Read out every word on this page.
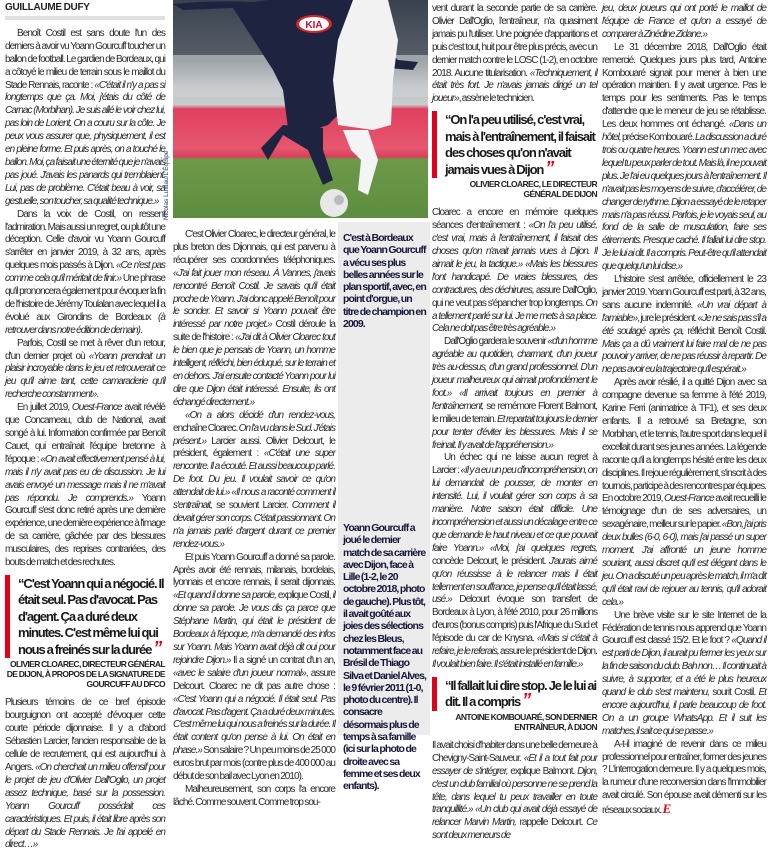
GUILLAUME DUFY

Benoît Costil est sans doute l'un des derniers à avoir vu Yoann Gourcuff toucher un ballon de football. Le gardien de Bordeaux, qui a côtoyé le milieu de terrain sous le maillot du Stade Rennais, raconte : «C'était il n'y a pas si longtemps que ça. Moi, j'étais du côté de Carnac (Morbihan). Je suis allé le voir chez lui, pas loin de Lorient. On a couru sur la côte. Je peux vous assurer que, physiquement, il est en pleine forme. Et puis après, on a touché le ballon. Moi, ça faisait une éternité que je n'avais pas joué. J'avais les panards qui tremblaient. Lui, pas de problème. C'était beau à voir, sa gestuelle, son toucher, sa qualité technique.»

Dans la voix de Costil, on ressent l'admiration. Mais aussi un regret, ou plutôt une déception. Celle d'avoir vu Yoann Gourcuff s'arrêter en janvier 2019, à 32 ans, après quelques mois passés à Dijon. «Ce n'est pas comme cela qu'il méritait de finir.» Une phrase qu'il prononcera également pour évoquer la fin de l'histoire de Jérémy Toulalan avec lequel il a évolué aux Girondins de Bordeaux (à retrouver dans notre édition de demain).

Parfois, Costil se met à rêver d'un retour, d'un dernier projet où «Yoann prendrait un plaisir incroyable dans le jeu et retrouverait ce jeu qu'il aime tant, cette camaraderie qu'il recherche constamment».

En juillet 2019, Ouest-France avait révélé que Concarneau, club de National, avait songé à lui. Information confirmée par Benoît Cauet, qui entraînait l'équipe bretonne à l'époque : «On avait effectivement pensé à lui, mais il n'y avait pas eu de discussion. Je lui avais envoyé un message mais il ne m'avait pas répondu. Je comprends.» Yoann Gourcuff s'est donc retiré après une dernière expérience, une dernière expérience à l'image de sa carrière, gâchée par des blessures musculaires, des reprises contrariées, des bouts de match et des rechutes.

“C'est Yoann qui a négocié. Il était seul. Pas d'avocat. Pas d'agent. Ça a duré deux minutes. C'est même lui qui nous a freinés sur la durée ”
OLIVIER CLOAREC, DIRECTEUR GÉNÉRAL DE DIJON, À PROPOS DE LA SIGNATURE DE GOURCUFF AU DFCO

Plusieurs témoins de ce bref épisode bourguignon ont accepté d'évoquer cette courte période dijonnaise. Il y a d'abord Sébastien Larcier, l'ancien responsable de la cellule de recrutement, qui est aujourd'hui à Angers. «On cherchait un milieu offensif pour le projet de jeu d'Olivier Dall'Oglio, un projet assez technique, basé sur la possession. Yoann Gourcuff possédait ces caractéristiques. Et puis, il était libre après son départ du Stade Rennais. Je l'ai appelé en direct…»

KIA
Nicolas Luttiau/L'Équipe

C'est Olivier Cloarec, le directeur général, le plus breton des Dijonnais, qui est parvenu à récupérer ses coordonnées téléphoniques. «J'ai fait jouer mon réseau. À Vannes, j'avais rencontré Benoît Costil. Je savais qu'il était proche de Yoann. J'ai donc appelé Benoît pour le sonder. Et savoir si Yoann pouvait être intéressé par notre projet.» Costil déroule la suite de l'histoire : «J'ai dit à Olivier Cloarec tout le bien que je pensais de Yoann, un homme intelligent, réfléchi, bien éduqué, sur le terrain et en dehors. J'ai ensuite contacté Yoann pour lui dire que Dijon était intéressé. Ensuite, ils ont échangé directement.»

«On a alors décidé d'un rendez-vous, enchaîne Cloarec. On l'a vu dans le Sud. J'étais présent.» Larcier aussi. Olivier Delcourt, le président, également : «C'était une super rencontre. Il a écouté. Et aussi beaucoup parlé. De foot. Du jeu. Il voulait savoir ce qu'on attendait de lui.» «Il nous a raconté comment il s'entraînait, se souvient Larcier. Comment il devait gérer son corps. C'était passionnant. On n'a jamais parlé d'argent durant ce premier rendez-vous.»

Et puis Yoann Gourcuff a donné sa parole. Après avoir été rennais, milanais, bordelais, lyonnais et encore rennais, il serait dijonnais. «Et quand il donne sa parole, explique Costil, il donne sa parole. Je vous dis ça parce que Stéphane Martin, qui était le président de Bordeaux à l'époque, m'a demandé des infos sur Yoann. Mais Yoann avait déjà dit oui pour rejoindre Dijon.» Il a signé un contrat d'un an, «avec le salaire d'un joueur normal», assure Delcourt. Cloarec ne dit pas autre chose : «C'est Yoann qui a négocié. Il était seul. Pas d'avocat. Pas d'agent. Ça a duré deux minutes. C'est même lui qui nous a freinés sur la durée. Il était content qu'on pense à lui. On était en phase.» Son salaire ? Un peu moins de 25 000 euros brut par mois (contre plus de 400 000 au début de son bail avec Lyon en 2010).

Malheureusement, son corps l'a encore lâché. Comme souvent. Comme trop sou-

C'est à Bordeaux que Yoann Gourcuff a vécu ses plus belles années sur le plan sportif, avec, en point d'orgue, un titre de champion en 2009.
Yoann Gourcuff a joué le dernier match de sa carrière avec Dijon, face à Lille (1-2, le 20 octobre 2018, photo de gauche). Plus tôt, il avait goûté aux joies des sélections chez les Bleus, notamment face au Brésil de Thiago Silva et Daniel Alves, le 9 février 2011 (1-0, photo du centre). Il consacre désormais plus de temps à sa famille (ici sur la photo de droite avec sa femme et ses deux enfants).

vent durant la seconde partie de sa carrière. Olivier Dall'Oglio, l'entraîneur, n'a quasiment jamais pu l'utiliser. Une poignée d'apparitions et puis c'est tout, huit pour être plus précis, avec un dernier match contre le LOSC (1-2), en octobre 2018. Aucune titularisation. «Techniquement, il était très fort. Je n'avais jamais dirigé un tel joueur», assène le technicien.

“On l'a peu utilisé, c'est vrai, mais à l'entraînement, il faisait des choses qu'on n'avait jamais vues à Dijon ”
OLIVIER CLOAREC, LE DIRECTEUR GÉNÉRAL DE DIJON

Cloarec a encore en mémoire quelques séances d'entraînement : «On l'a peu utilisé, c'est vrai, mais à l'entraînement, il faisait des choses qu'on n'avait jamais vues à Dijon. Il aimait le jeu, la tactique.» «Mais les blessures l'ont handicapé. De vraies blessures, des contractures, des déchirures, assure Dall'Oglio, qui ne veut pas s'épancher trop longtemps. On a tellement parlé sur lui. Je me mets à sa place. Cela ne doit pas être très agréable.»

Dall'Oglio gardera le souvenir «d'un homme agréable au quotidien, charmant, d'un joueur très au-dessus, d'un grand professionnel. D'un joueur malheureux qui aimait profondément le foot.» «Il arrivait toujours en premier à l'entraînement, se remémore Florent Balmont, le milieu de terrain. Et repartait toujours le dernier pour tenter d'éviter les blessures. Mais il se freinait. Il y avait de l'appréhension.»

Un échec qui ne laisse aucun regret à Larcier : «Il y a eu un peu d'incompréhension, on lui demandait de pousser, de monter en intensité. Lui, il voulait gérer son corps à sa manière. Notre saison était difficile. Une incompréhension et aussi un décalage entre ce que demande le haut niveau et ce que pouvait faire Yoann.» «Moi, j'ai quelques regrets, concède Delcourt, le président. J'aurais aimé qu'on réussisse à le relancer mais il était tellement en souffrance, je pense qu'il était lassé, usé.» Delcourt évoque son transfert de Bordeaux à Lyon, à l'été 2010, pour 26 millions d'euros (bonus compris) puis l'Afrique du Sud et l'épisode du car de Knysna. «Mais si c'était à refaire, je le referais, assure le président de Dijon. Il voulait bien faire. Il s'était installé en famille.»

“Il fallait lui dire stop. Je le lui ai dit. Il a compris ”
ANTOINE KOMBOUARÉ, SON DERNIER ENTRAÎNEUR, À DIJON

Il avait choisi d'habiter dans une belle demeure à Chevigny-Saint-Sauveur. «Et il a tout fait pour essayer de s'intégrer, explique Balmont. Dijon, c'est un club familial où personne ne se prend la tête, dans lequel tu peux travailler en toute tranquillité.» «Un club qui avait déjà essayé de relancer Marvin Martin, rappelle Delcourt. Ce sont deux meneurs de

jeu, deux joueurs qui ont porté le maillot de l'équipe de France et qu'on a essayé de comparer à Zinédine Zidane.»

Le 31 décembre 2018, Dall'Oglio était remercié. Quelques jours plus tard, Antoine Kombouaré signait pour mener à bien une opération maintien. Il y avait urgence. Pas le temps pour les sentiments. Pas le temps d'attendre que le meneur de jeu se rétablisse. Les deux hommes ont échangé. «Dans un hôtel, précise Kombouaré. La discussion a duré trois ou quatre heures. Yoann est un mec avec lequel tu peux parler de tout. Mais là, il ne pouvait plus. Je l'ai eu quelques jours à l'entraînement. Il n'avait pas les moyens de suivre, d'accélérer, de changer de rythme. Dijon a essayé de le retaper mais n'a pas réussi. Parfois, je le voyais seul, au fond de la salle de musculation, faire ses étirements. Presque caché. Il fallait lui dire stop. Je le lui ai dit. Il a compris. Peut-être qu'il attendait que quelqu'un lui dise.»

L'histoire s'est arrêtée, officiellement le 23 janvier 2019. Yoann Gourcuff est parti, à 32 ans, sans aucune indemnité. «Un vrai départ à l'amiable», jure le président. «Je ne sais pas s'il a été soulagé après ça, réfléchit Benoît Costil. Mais ça a dû vraiment lui faire mal de ne pas pouvoir y arriver, de ne pas réussir à repartir. De ne pas avoir eu la trajectoire qu'il espérait.»

Après avoir résilié, il a quitté Dijon avec sa compagne devenue sa femme à l'été 2019, Karine Ferri (animatrice à TF1), et ses deux enfants. Il a retrouvé sa Bretagne, son Morbihan, et le tennis, l'autre sport dans lequel il excellait durant ses jeunes années. La légende raconte qu'il a longtemps hésité entre les deux disciplines. Il rejoue régulièrement, s'inscrit à des tournois, participe à des rencontres par équipes. En octobre 2019, Ouest-France avait recueilli le témoignage d'un de ses adversaires, un sexagénaire, meilleur sur le papier. «Bon, j'ai pris deux bulles (6-0, 6-0), mais j'ai passé un super moment. J'ai affronté un jeune homme souriant, aussi discret qu'il est élégant dans le jeu. On a discuté un peu après le match, il m'a dit qu'il était ravi de rejouer au tennis, qu'il adorait cela.»

Une brève visite sur le site Internet de la Fédération de tennis nous apprend que Yoann Gourcuff est classé 15/2. Et le foot ? «Quand il est parti de Dijon, il aurait pu fermer les yeux sur la fin de saison du club. Bah non… Il continuait à suivre, à supporter, et a été le plus heureux quand le club s'est maintenu, sourit Costil. Et encore aujourd'hui, il parle beaucoup de foot. On a un groupe WhatsApp. Et il suit les matches, il sait ce qui se passe.»

A-t-il imaginé de revenir dans ce milieu professionnel pour entraîner, former des jeunes ? L'interrogation demeure. Il y a quelques mois, la rumeur d'une reconversion dans l'immobilier avait circulé. Son épouse avait démenti sur les réseaux sociaux. E
